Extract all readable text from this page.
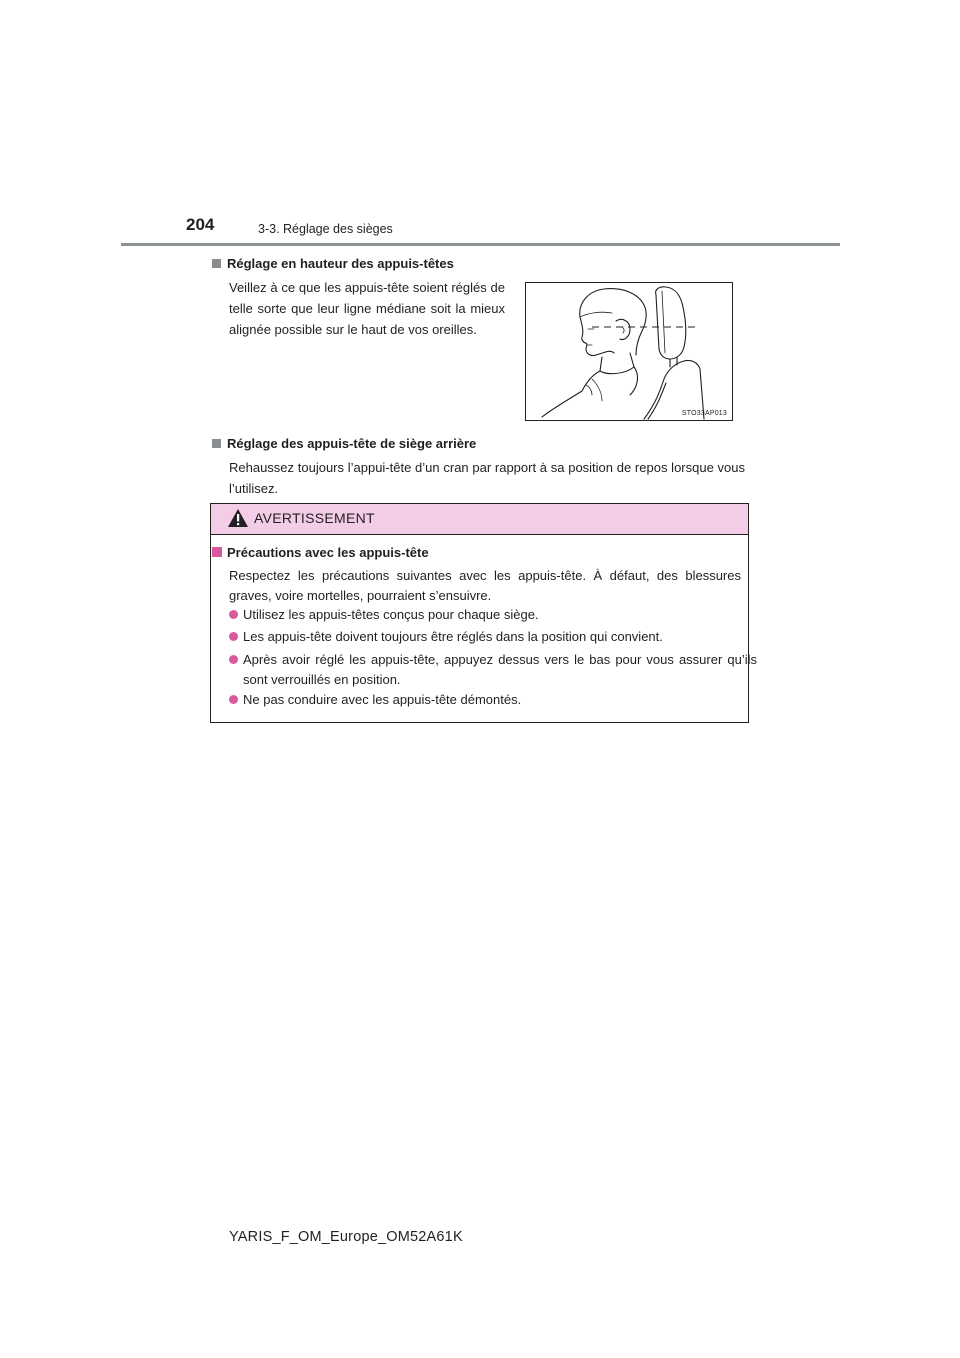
204	3-3. Réglage des sièges
Réglage en hauteur des appuis-têtes
Veillez à ce que les appuis-tête soient réglés de telle sorte que leur ligne médiane soit la mieux alignée possible sur le haut de vos oreilles.
STO33AP013
Réglage des appuis-tête de siège arrière
Rehaussez toujours l’appui-tête d’un cran par rapport à sa position de repos lorsque vous l’utilisez.
AVERTISSEMENT
Précautions avec les appuis-tête
Respectez les précautions suivantes avec les appuis-tête. À défaut, des blessures graves, voire mortelles, pourraient s’ensuivre.
Utilisez les appuis-têtes conçus pour chaque siège.
Les appuis-tête doivent toujours être réglés dans la position qui convient.
Après avoir réglé les appuis-tête, appuyez dessus vers le bas pour vous assurer qu’ils sont verrouillés en position.
Ne pas conduire avec les appuis-tête démontés.
YARIS_F_OM_Europe_OM52A61K
